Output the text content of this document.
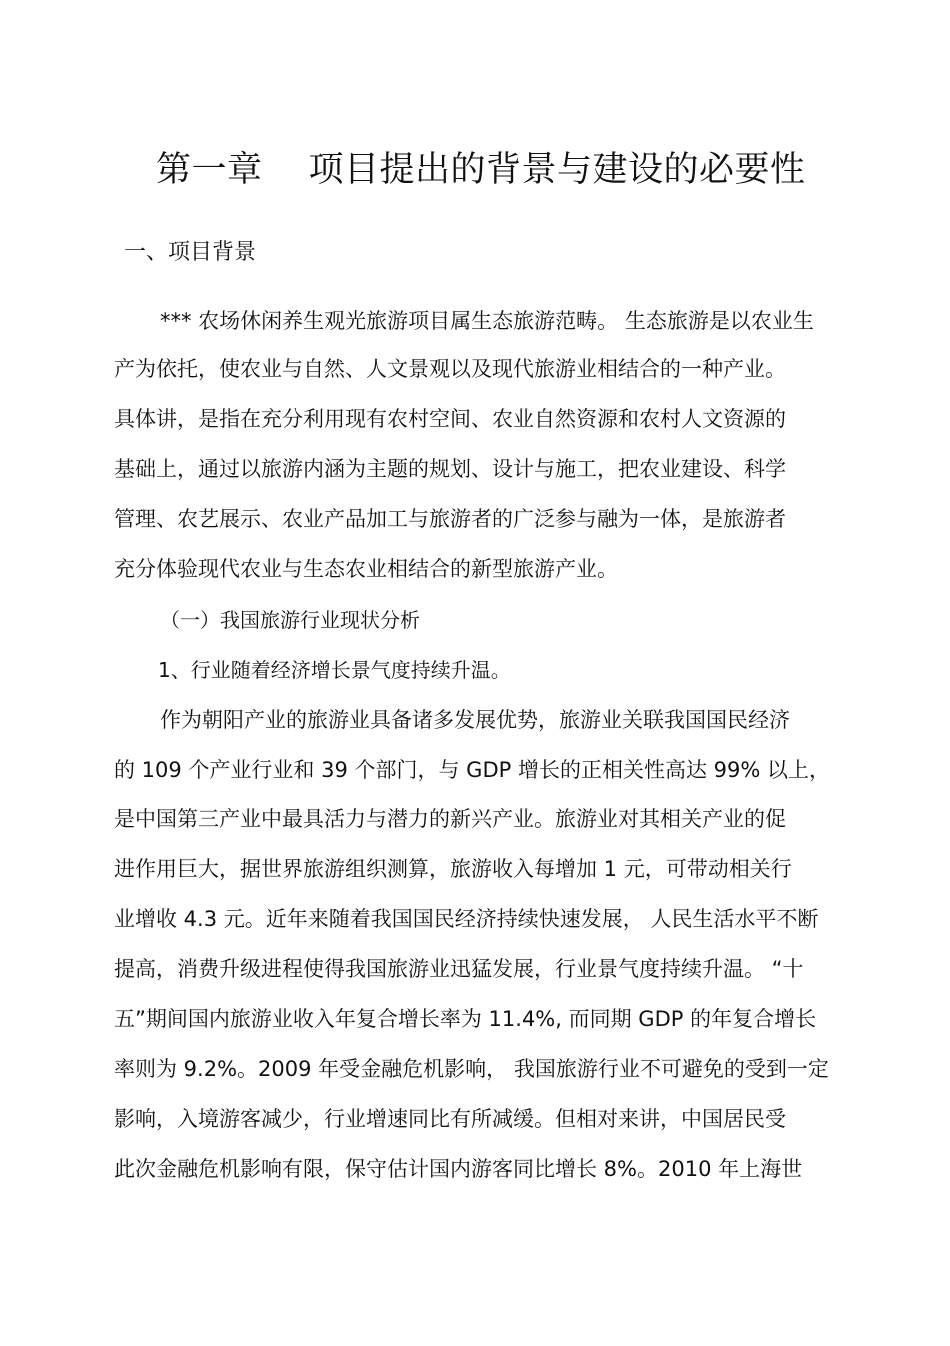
第一章 项目提出的背景与建设的必要性
一、项目背景
*** 农场休闲养生观光旅游项目属生态旅游范畴。 生态旅游是以农业生
产为依托，使农业与自然、人文景观以及现代旅游业相结合的一种产业。
具体讲，是指在充分利用现有农村空间、农业自然资源和农村人文资源的
基础上，通过以旅游内涵为主题的规划、设计与施工，把农业建设、科学
管理、农艺展示、农业产品加工与旅游者的广泛参与融为一体，是旅游者
充分体验现代农业与生态农业相结合的新型旅游产业。
（一）我国旅游行业现状分析
1、行业随着经济增长景气度持续升温。
作为朝阳产业的旅游业具备诸多发展优势，旅游业关联我国国民经济
的 109 个产业行业和 39 个部门，与 GDP 增长的正相关性高达 99% 以上，
是中国第三产业中最具活力与潜力的新兴产业。旅游业对其相关产业的促
进作用巨大，据世界旅游组织测算，旅游收入每增加 1 元，可带动相关行
业增收 4.3 元。近年来随着我国国民经济持续快速发展， 人民生活水平不断
提高，消费升级进程使得我国旅游业迅猛发展，行业景气度持续升温。 “十
五”期间国内旅游业收入年复合增长率为 11.4%, 而同期 GDP 的年复合增长
率则为 9.2%。2009 年受金融危机影响， 我国旅游行业不可避免的受到一定
影响，入境游客减少，行业增速同比有所减缓。但相对来讲，中国居民受
此次金融危机影响有限，保守估计国内游客同比增长 8%。2010 年上海世
